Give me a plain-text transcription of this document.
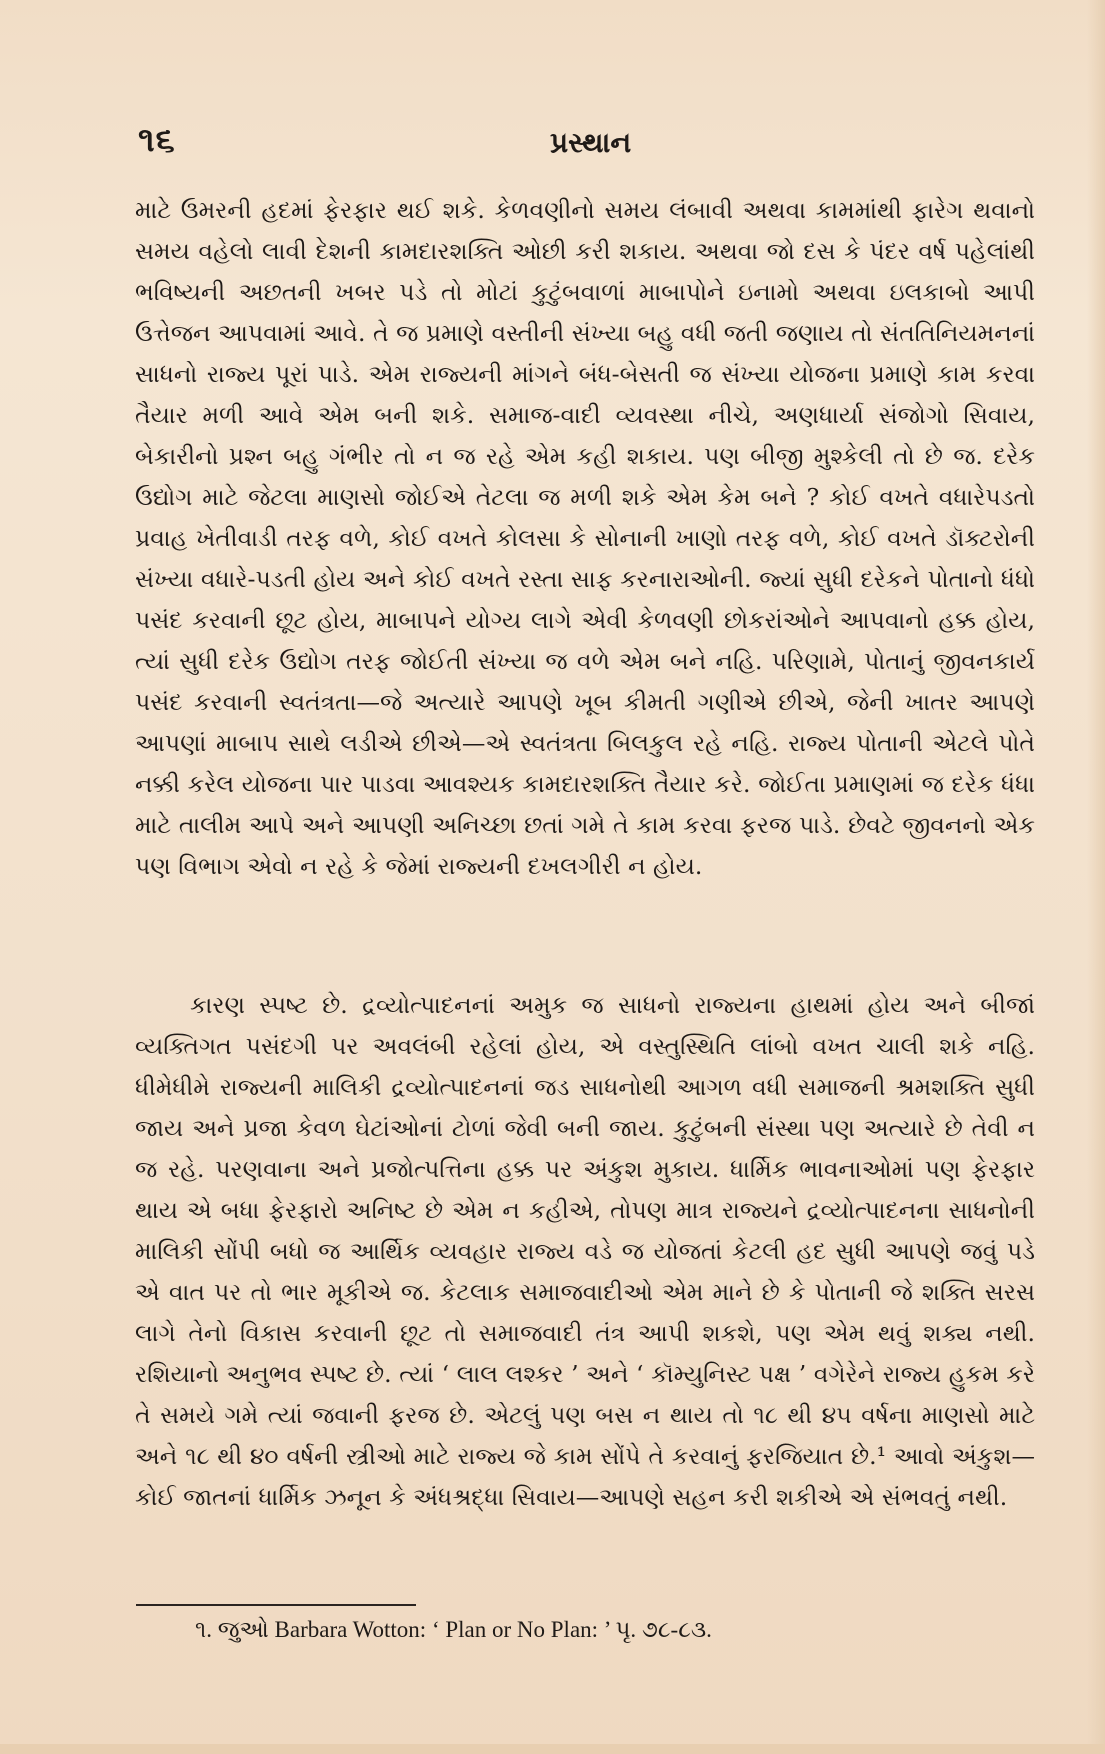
૧૬	પ્રસ્થાન
માટે ઉમરની હદમાં ફેરફાર થઈ શકે. કેળવણીનો સમય લંબાવી અથવા કામમાંથી ફારેગ થવાનો સમય વહેલો લાવી દેશની કામદારશક્તિ ઓછી કરી શકાય. અથવા જો દસ કે પંદર વર્ષ પહેલાંથી ભવિષ્યની અછતની ખબર પડે તો મોટાં કુટુંબવાળાં માબાપોને ઇનામો અથવા ઇલકાબો આપી ઉત્તેજન આપવામાં આવે. તે જ પ્રમાણે વસ્તીની સંખ્યા બહુ વધી જતી જણાય તો સંતતિનિયમનનાં સાધનો રાજ્ય પૂરાં પાડે. એમ રાજ્યની માંગને બંધ-બેસતી જ સંખ્યા યોજના પ્રમાણે કામ કરવા તૈયાર મળી આવે એમ બની શકે. સમાજ-વાદી વ્યવસ્થા નીચે, અણધાર્યા સંજોગો સિવાય, બેકારીનો પ્રશ્ન બહુ ગંભીર તો ન જ રહે એમ કહી શકાય. પણ બીજી મુશ્કેલી તો છે જ. દરેક ઉદ્યોગ માટે જેટલા માણસો જોઈએ તેટલા જ મળી શકે એમ કેમ બને ? કોઈ વખતે વધારેપડતો પ્રવાહ ખેતીવાડી તરફ વળે, કોઈ વખતે કોલસા કે સોનાની ખાણો તરફ વળે, કોઈ વખતે ડૉક્ટરોની સંખ્યા વધારે-પડતી હોય અને કોઈ વખતે રસ્તા સાફ કરનારાઓની. જ્યાં સુધી દરેકને પોતાનો ધંધો પસંદ કરવાની છૂટ હોય, માબાપને યોગ્ય લાગે એવી કેળવણી છોકરાંઓને આપવાનો હક્ક હોય, ત્યાં સુધી દરેક ઉદ્યોગ તરફ જોઈતી સંખ્યા જ વળે એમ બને નહિ. પરિણામે, પોતાનું જીવનકાર્ય પસંદ કરવાની સ્વતંત્રતા—જે અત્યારે આપણે ખૂબ કીમતી ગણીએ છીએ, જેની ખાતર આપણે આપણાં માબાપ સાથે લડીએ છીએ—એ સ્વતંત્રતા બિલકુલ રહે નહિ. રાજ્ય પોતાની એટલે પોતે નક્કી કરેલ યોજના પાર પાડવા આવશ્યક કામદારશક્તિ તૈયાર કરે. જોઈતા પ્રમાણમાં જ દરેક ધંધા માટે તાલીમ આપે અને આપણી અનિચ્છા છતાં ગમે તે કામ કરવા ફરજ પાડે. છેવટે જીવનનો એક પણ વિભાગ એવો ન રહે કે જેમાં રાજ્યની દખલગીરી ન હોય.
કારણ સ્પષ્ટ છે. દ્રવ્યોત્પાદનનાં અમુક જ સાધનો રાજ્યના હાથમાં હોય અને બીજાં વ્યક્તિગત પસંદગી પર અવલંબી રહેલાં હોય, એ વસ્તુસ્થિતિ લાંબો વખત ચાલી શકે નહિ. ધીમેધીમે રાજ્યની માલિકી દ્રવ્યોત્પાદનનાં જડ સાધનોથી આગળ વધી સમાજની શ્રમશક્તિ સુધી જાય અને પ્રજા કેવળ ઘેટાંઓનાં ટોળાં જેવી બની જાય. કુટુંબની સંસ્થા પણ અત્યારે છે તેવી ન જ રહે. પરણવાના અને પ્રજોત્પત્તિના હક્ક પર અંકુશ મુકાય. ધાર્મિક ભાવનાઓમાં પણ ફેરફાર થાય એ બધા ફેરફારો અનિષ્ટ છે એમ ન કહીએ, તોપણ માત્ર રાજ્યને દ્રવ્યોત્પાદનના સાધનોની માલિકી સોંપી બધો જ આર્થિક વ્યવહાર રાજ્ય વડે જ યોજતાં કેટલી હદ સુધી આપણે જવું પડે એ વાત પર તો ભાર મૂકીએ જ. કેટલાક સમાજવાદીઓ એમ માને છે કે પોતાની જે શક્તિ સરસ લાગે તેનો વિકાસ કરવાની છૂટ તો સમાજવાદી તંત્ર આપી શકશે, પણ એમ થવું શક્ય નથી. રશિયાનો અનુભવ સ્પષ્ટ છે. ત્યાં ‘ લાલ લશ્કર ’ અને ‘ કૉમ્યુનિસ્ટ પક્ષ ’ વગેરેને રાજ્ય હુકમ કરે તે સમયે ગમે ત્યાં જવાની ફરજ છે. એટલું પણ બસ ન થાય તો ૧૮ થી ૪૫ વર્ષના માણસો માટે અને ૧૮ થી ૪૦ વર્ષની સ્ત્રીઓ માટે રાજ્ય જે કામ સોંપે તે કરવાનું ફરજિયાત છે.¹ આવો અંકુશ—કોઈ જાતનાં ધાર્મિક ઝનૂન કે અંધશ્રદ્ધા સિવાય—આપણે સહન કરી શકીએ એ સંભવતું નથી.
૧. જુઓ Barbara Wotton: ‘ Plan or No Plan: ’ પૃ. ૭૮-૮૩.
